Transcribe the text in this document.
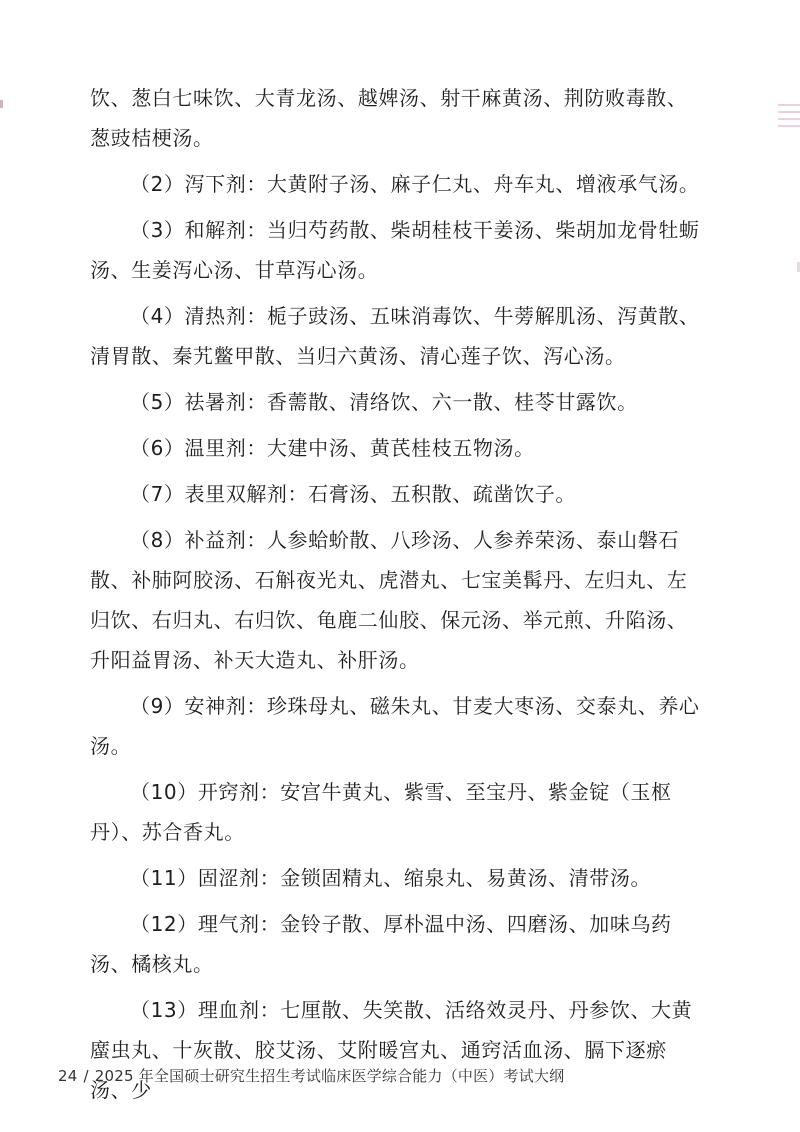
饮、葱白七味饮、大青龙汤、越婢汤、射干麻黄汤、荆防败毒散、葱豉桔梗汤。

（2）泻下剂：大黄附子汤、麻子仁丸、舟车丸、增液承气汤。

（3）和解剂：当归芍药散、柴胡桂枝干姜汤、柴胡加龙骨牡蛎汤、生姜泻心汤、甘草泻心汤。

（4）清热剂：栀子豉汤、五味消毒饮、牛蒡解肌汤、泻黄散、清胃散、秦艽鳖甲散、当归六黄汤、清心莲子饮、泻心汤。

（5）祛暑剂：香薷散、清络饮、六一散、桂苓甘露饮。

（6）温里剂：大建中汤、黄芪桂枝五物汤。

（7）表里双解剂：石膏汤、五积散、疏凿饮子。

（8）补益剂：人参蛤蚧散、八珍汤、人参养荣汤、泰山磐石散、补肺阿胶汤、石斛夜光丸、虎潜丸、七宝美髯丹、左归丸、左归饮、右归丸、右归饮、龟鹿二仙胶、保元汤、举元煎、升陷汤、升阳益胃汤、补天大造丸、补肝汤。

（9）安神剂：珍珠母丸、磁朱丸、甘麦大枣汤、交泰丸、养心汤。

（10）开窍剂：安宫牛黄丸、紫雪、至宝丹、紫金锭（玉枢丹）、苏合香丸。

（11）固涩剂：金锁固精丸、缩泉丸、易黄汤、清带汤。

（12）理气剂：金铃子散、厚朴温中汤、四磨汤、加味乌药汤、橘核丸。

（13）理血剂：七厘散、失笑散、活络效灵丹、丹参饮、大黄䗪虫丸、十灰散、胶艾汤、艾附暖宫丸、通窍活血汤、膈下逐瘀汤、少

24 / 2025 年全国硕士研究生招生考试临床医学综合能力（中医）考试大纲
